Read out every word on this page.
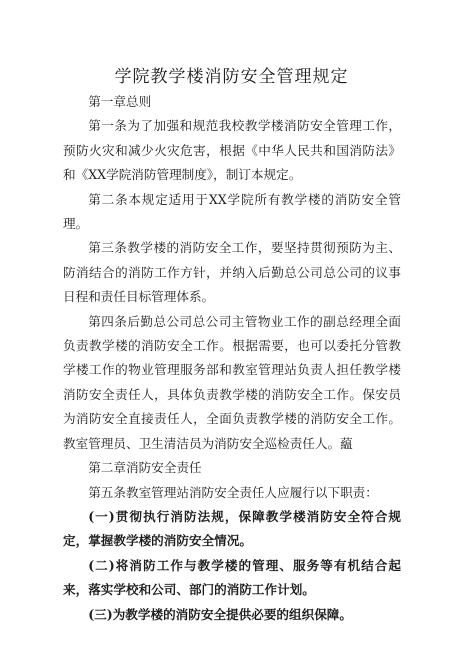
学院教学楼消防安全管理规定

第一章总则

第一条为了加强和规范我校教学楼消防安全管理工作，预防火灾和减少火灾危害，根据《中华人民共和国消防法》和《XX学院消防管理制度》，制订本规定。

第二条本规定适用于XX学院所有教学楼的消防安全管理。

第三条教学楼的消防安全工作，要坚持贯彻预防为主、防消结合的消防工作方针，并纳入后勤总公司总公司的议事日程和责任目标管理体系。

第四条后勤总公司总公司主管物业工作的副总经理全面负责教学楼的消防安全工作。根据需要，也可以委托分管教学楼工作的物业管理服务部和教室管理站负责人担任教学楼消防安全责任人，具体负责教学楼的消防安全工作。保安员为消防安全直接责任人，全面负责教学楼的消防安全工作。教室管理员、卫生清洁员为消防安全巡检责任人。藴

第二章消防安全责任

第五条教室管理站消防安全责任人应履行以下职责：

(一)贯彻执行消防法规，保障教学楼消防安全符合规定，掌握教学楼的消防安全情况。

(二)将消防工作与教学楼的管理、服务等有机结合起来，落实学校和公司、部门的消防工作计划。

(三)为教学楼的消防安全提供必要的组织保障。
